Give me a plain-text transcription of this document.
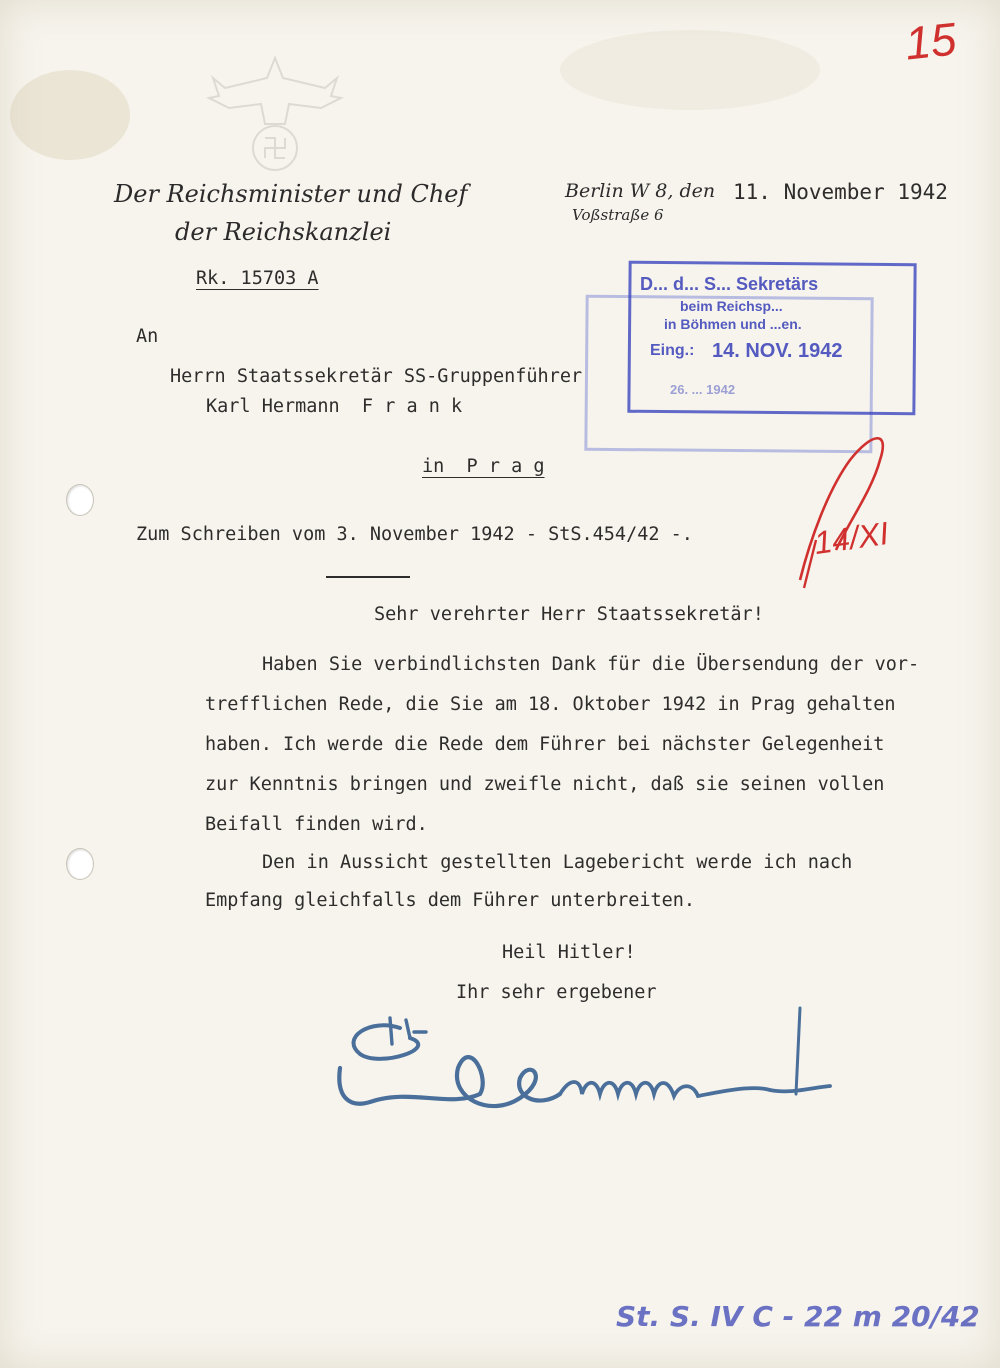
Der Reichsminister und Chef
der Reichskanzlei
Berlin W 8, den 11. November 1942
Voßstraße 6
15
Rk. 15703 A
An
Herrn Staatssekretär SS-Gruppenführer
Karl Hermann  F r a n k
in  P r a g
D... d... S... Sekretärs
beim Reichsp...
in Böhmen und ...en.
Eing.: 14. NOV. 1942
26. ... 1942
14/XI
Zum Schreiben vom 3. November 1942 - StS.454/42 -.
Sehr verehrter Herr Staatssekretär!
Haben Sie verbindlichsten Dank für die Übersendung der vor-
trefflichen Rede, die Sie am 18. Oktober 1942 in Prag gehalten
haben. Ich werde die Rede dem Führer bei nächster Gelegenheit
zur Kenntnis bringen und zweifle nicht, daß sie seinen vollen
Beifall finden wird.
Den in Aussicht gestellten Lagebericht werde ich nach
Empfang gleichfalls dem Führer unterbreiten.
Heil Hitler!
Ihr sehr ergebener
St. S. IV C - 22 m 20/42
